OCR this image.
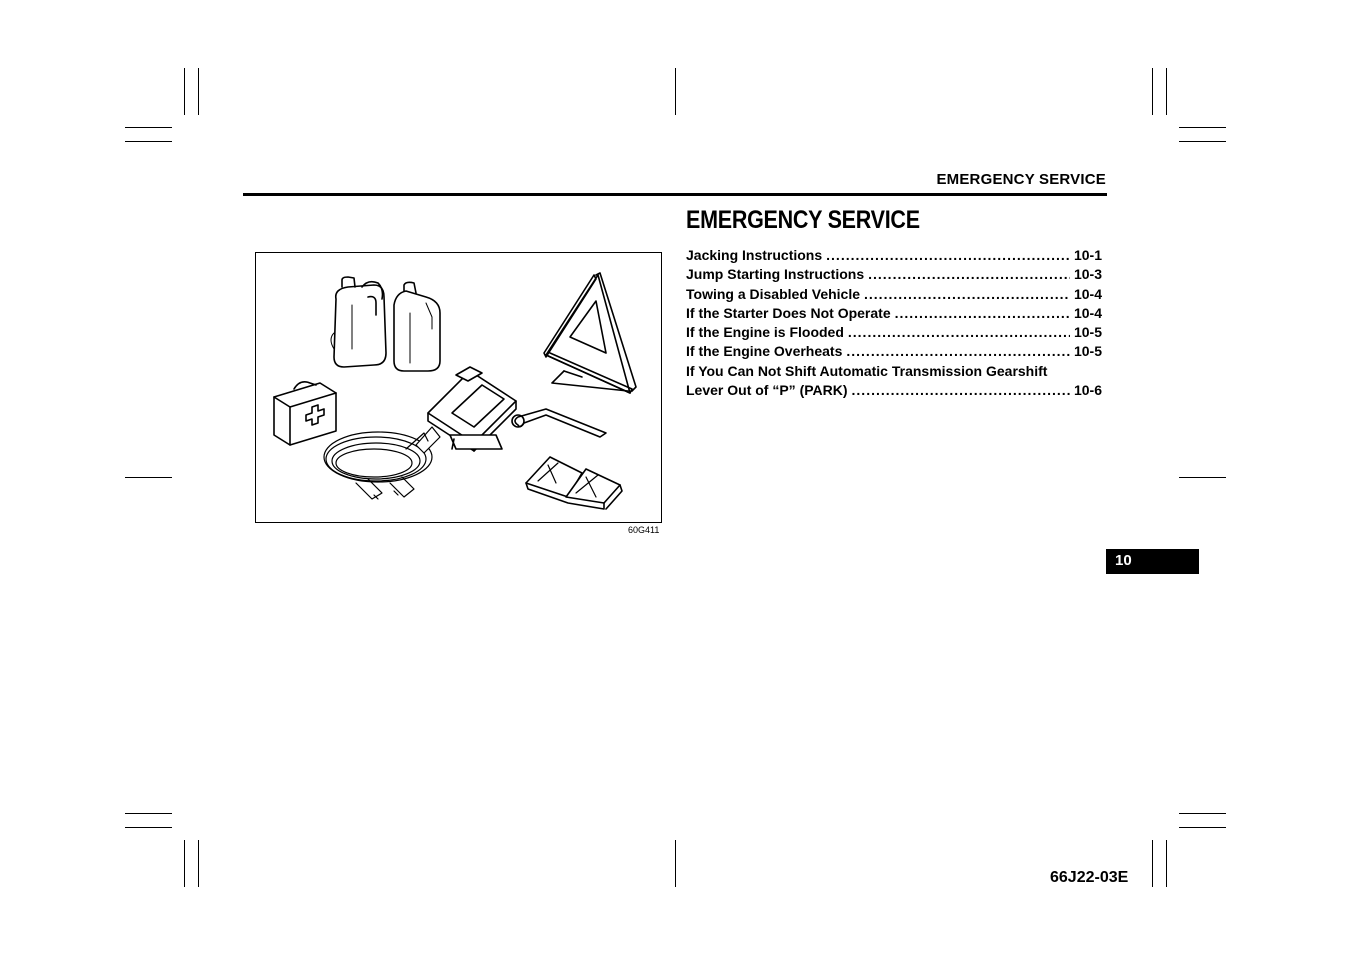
EMERGENCY SERVICE
EMERGENCY SERVICE
Jacking Instructions .....	10-1
Jump Starting Instructions .....	10-3
Towing a Disabled Vehicle .....	10-4
If the Starter Does Not Operate .....	10-4
If the Engine is Flooded .....	10-5
If the Engine Overheats .....	10-5
If You Can Not Shift Automatic Transmission Gearshift
Lever Out of “P” (PARK) .....	10-6
60G411
10
66J22-03E
